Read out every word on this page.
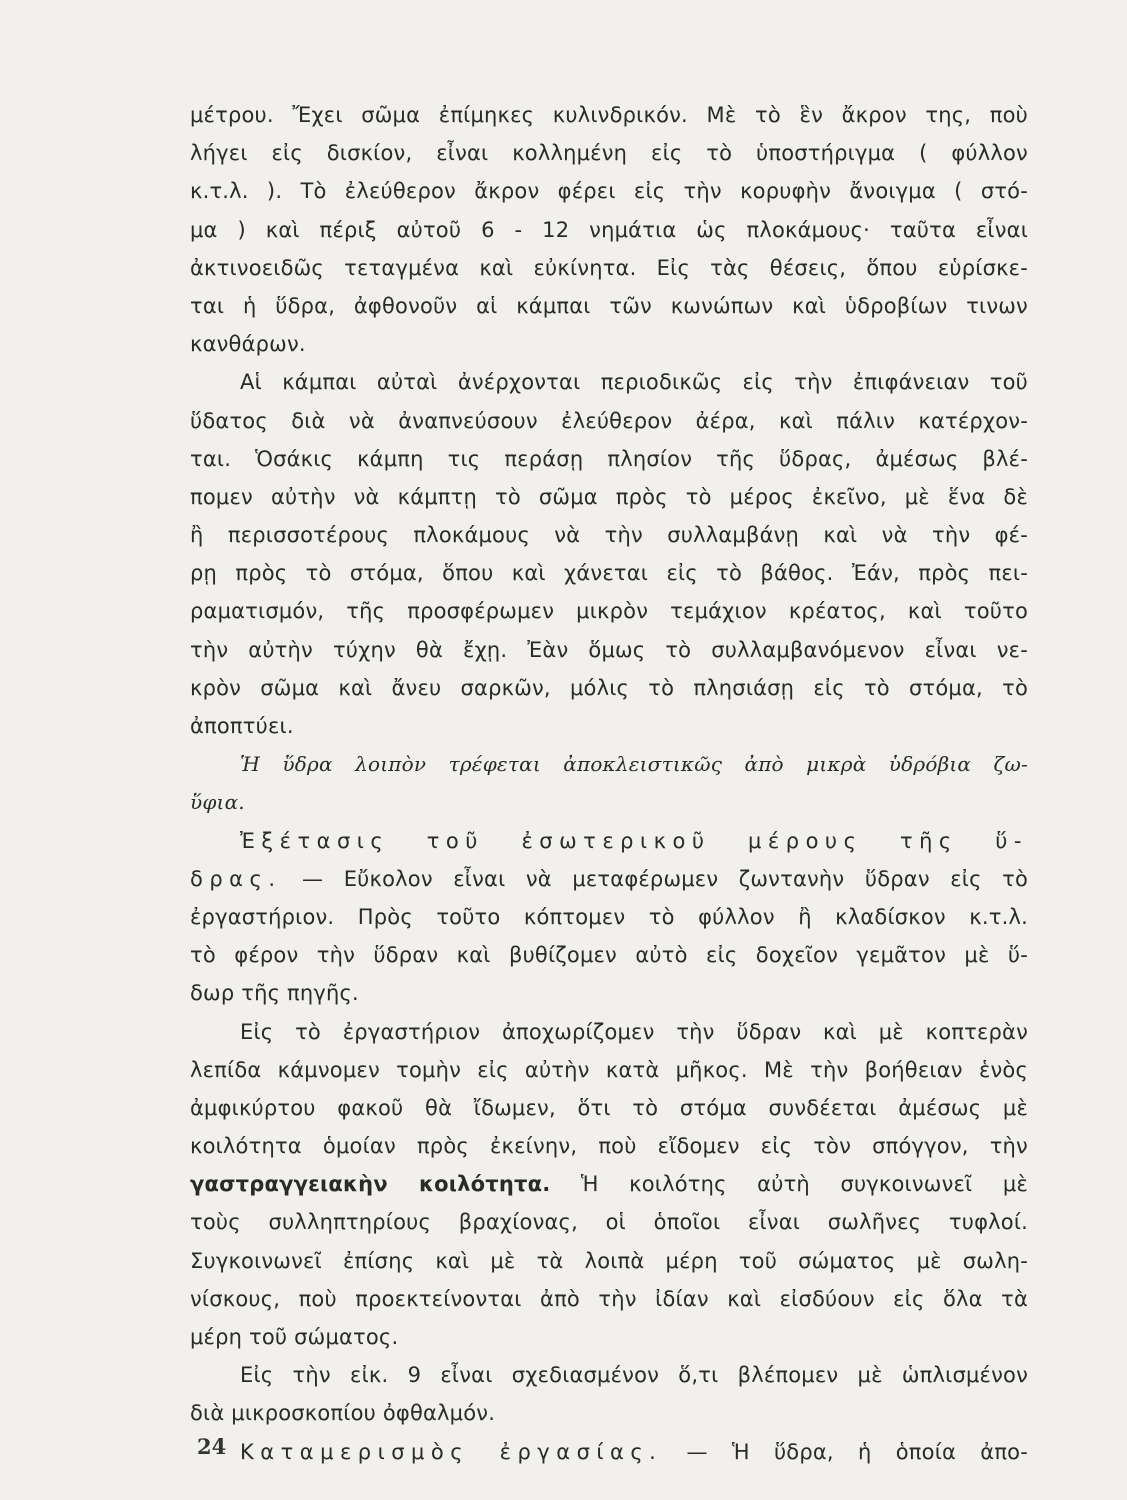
μέτρου. Ἔχει σῶμα ἐπίμηκες κυλινδρικόν. Μὲ τὸ ἓν ἄκρον της, ποὺ
λήγει εἰς δισκίον, εἶναι κολλημένη εἰς τὸ ὑποστήριγμα ( φύλλον
κ.τ.λ. ). Τὸ ἐλεύθερον ἄκρον φέρει εἰς τὴν κορυφὴν ἄνοιγμα ( στό-
μα ) καὶ πέριξ αὐτοῦ 6 - 12 νημάτια ὡς πλοκάμους· ταῦτα εἶναι
ἀκτινοειδῶς τεταγμένα καὶ εὐκίνητα. Εἰς τὰς θέσεις, ὅπου εὑρίσκε-
ται ἡ ὕδρα, ἀφθονοῦν αἱ κάμπαι τῶν κωνώπων καὶ ὑδροβίων τινων
κανθάρων.
Αἱ κάμπαι αὐταὶ ἀνέρχονται περιοδικῶς εἰς τὴν ἐπιφάνειαν τοῦ
ὕδατος διὰ νὰ ἀναπνεύσουν ἐλεύθερον ἀέρα, καὶ πάλιν κατέρχον-
ται. Ὁσάκις κάμπη τις περάσῃ πλησίον τῆς ὕδρας, ἀμέσως βλέ-
πομεν αὐτὴν νὰ κάμπτῃ τὸ σῶμα πρὸς τὸ μέρος ἐκεῖνο, μὲ ἕνα δὲ
ἢ περισσοτέρους πλοκάμους νὰ τὴν συλλαμβάνῃ καὶ νὰ τὴν φέ-
ρῃ πρὸς τὸ στόμα, ὅπου καὶ χάνεται εἰς τὸ βάθος. Ἐάν, πρὸς πει-
ραματισμόν, τῆς προσφέρωμεν μικρὸν τεμάχιον κρέατος, καὶ τοῦτο
τὴν αὐτὴν τύχην θὰ ἔχῃ. Ἐὰν ὅμως τὸ συλλαμβανόμενον εἶναι νε-
κρὸν σῶμα καὶ ἄνευ σαρκῶν, μόλις τὸ πλησιάσῃ εἰς τὸ στόμα, τὸ
ἀποπτύει.
Ἡ ὕδρα λοιπὸν τρέφεται ἀποκλειστικῶς ἀπὸ μικρὰ ὑδρόβια ζω-
ὕφια.
Ἐξέτασις τοῦ ἐσωτερικοῦ μέρους τῆς ὕ-
δρας. — Εὔκολον εἶναι νὰ μεταφέρωμεν ζωντανὴν ὕδραν εἰς τὸ
ἐργαστήριον. Πρὸς τοῦτο κόπτομεν τὸ φύλλον ἢ κλαδίσκον κ.τ.λ.
τὸ φέρον τὴν ὕδραν καὶ βυθίζομεν αὐτὸ εἰς δοχεῖον γεμᾶτον μὲ ὕ-
δωρ τῆς πηγῆς.
Εἰς τὸ ἐργαστήριον ἀποχωρίζομεν τὴν ὕδραν καὶ μὲ κοπτερὰν
λεπίδα κάμνομεν τομὴν εἰς αὐτὴν κατὰ μῆκος. Μὲ τὴν βοήθειαν ἑνὸς
ἀμφικύρτου φακοῦ θὰ ἴδωμεν, ὅτι τὸ στόμα συνδέεται ἀμέσως μὲ
κοιλότητα ὁμοίαν πρὸς ἐκείνην, ποὺ εἴδομεν εἰς τὸν σπόγγον, τὴν
γαστραγγειακὴν κοιλότητα. Ἡ κοιλότης αὐτὴ συγκοινωνεῖ μὲ
τοὺς συλληπτηρίους βραχίονας, οἱ ὁποῖοι εἶναι σωλῆνες τυφλοί.
Συγκοινωνεῖ ἐπίσης καὶ μὲ τὰ λοιπὰ μέρη τοῦ σώματος μὲ σωλη-
νίσκους, ποὺ προεκτείνονται ἀπὸ τὴν ἰδίαν καὶ εἰσδύουν εἰς ὅλα τὰ
μέρη τοῦ σώματος.
Εἰς τὴν εἰκ. 9 εἶναι σχεδιασμένον ὅ,τι βλέπομεν μὲ ὡπλισμένον
διὰ μικροσκοπίου ὀφθαλμόν.
Καταμερισμὸς ἐργασίας. — Ἡ ὕδρα, ἡ ὁποία ἀπο-
24
